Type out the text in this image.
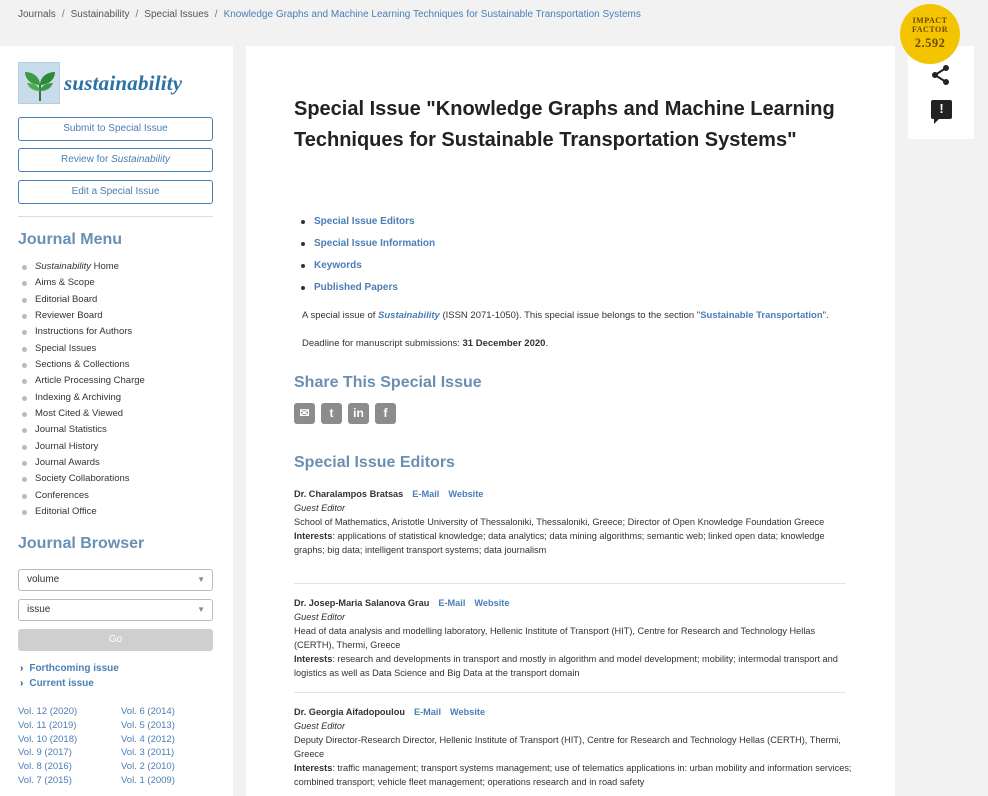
Journals / Sustainability / Special Issues / Knowledge Graphs and Machine Learning Techniques for Sustainable Transportation Systems
sustainability
Submit to Special Issue
Review for Sustainability
Edit a Special Issue
Journal Menu
Sustainability Home
Aims & Scope
Editorial Board
Reviewer Board
Instructions for Authors
Special Issues
Sections & Collections
Article Processing Charge
Indexing & Archiving
Most Cited & Viewed
Journal Statistics
Journal History
Journal Awards
Society Collaborations
Conferences
Editorial Office
Journal Browser
volume	▼
issue	▼
Go
› Forthcoming issue
› Current issue
Vol. 12 (2020)
Vol. 11 (2019)
Vol. 10 (2018)
Vol. 9 (2017)
Vol. 8 (2016)
Vol. 7 (2015)
Vol. 6 (2014)
Vol. 5 (2013)
Vol. 4 (2012)
Vol. 3 (2011)
Vol. 2 (2010)
Vol. 1 (2009)
Special Issue "Knowledge Graphs and Machine Learning Techniques for Sustainable Transportation Systems"
Special Issue Editors
Special Issue Information
Keywords
Published Papers
A special issue of Sustainability (ISSN 2071-1050). This special issue belongs to the section "Sustainable Transportation".
Deadline for manuscript submissions: 31 December 2020.
Share This Special Issue
✉	t	in	f
Special Issue Editors
Dr. Charalampos Bratsas E-Mail Website
Guest Editor
School of Mathematics, Aristotle University of Thessaloniki, Thessaloniki, Greece; Director of Open Knowledge Foundation Greece
Interests: applications of statistical knowledge; data analytics; data mining algorithms; semantic web; linked open data; knowledge graphs; big data; intelligent transport systems; data journalism
Dr. Josep-Maria Salanova Grau E-Mail Website
Guest Editor
Head of data analysis and modelling laboratory, Hellenic Institute of Transport (HIT), Centre for Research and Technology Hellas (CERTH), Thermi, Greece
Interests: research and developments in transport and mostly in algorithm and model development; mobility; intermodal transport and logistics as well as Data Science and Big Data at the transport domain
Dr. Georgia Aifadopoulou E-Mail Website
Guest Editor
Deputy Director-Research Director, Hellenic Institute of Transport (HIT), Centre for Research and Technology Hellas (CERTH), Thermi, Greece
Interests: traffic management; transport systems management; use of telematics applications in: urban mobility and information services; combined transport; vehicle fleet management; operations research and in road safety
IMPACT FACTOR
2.592
!
